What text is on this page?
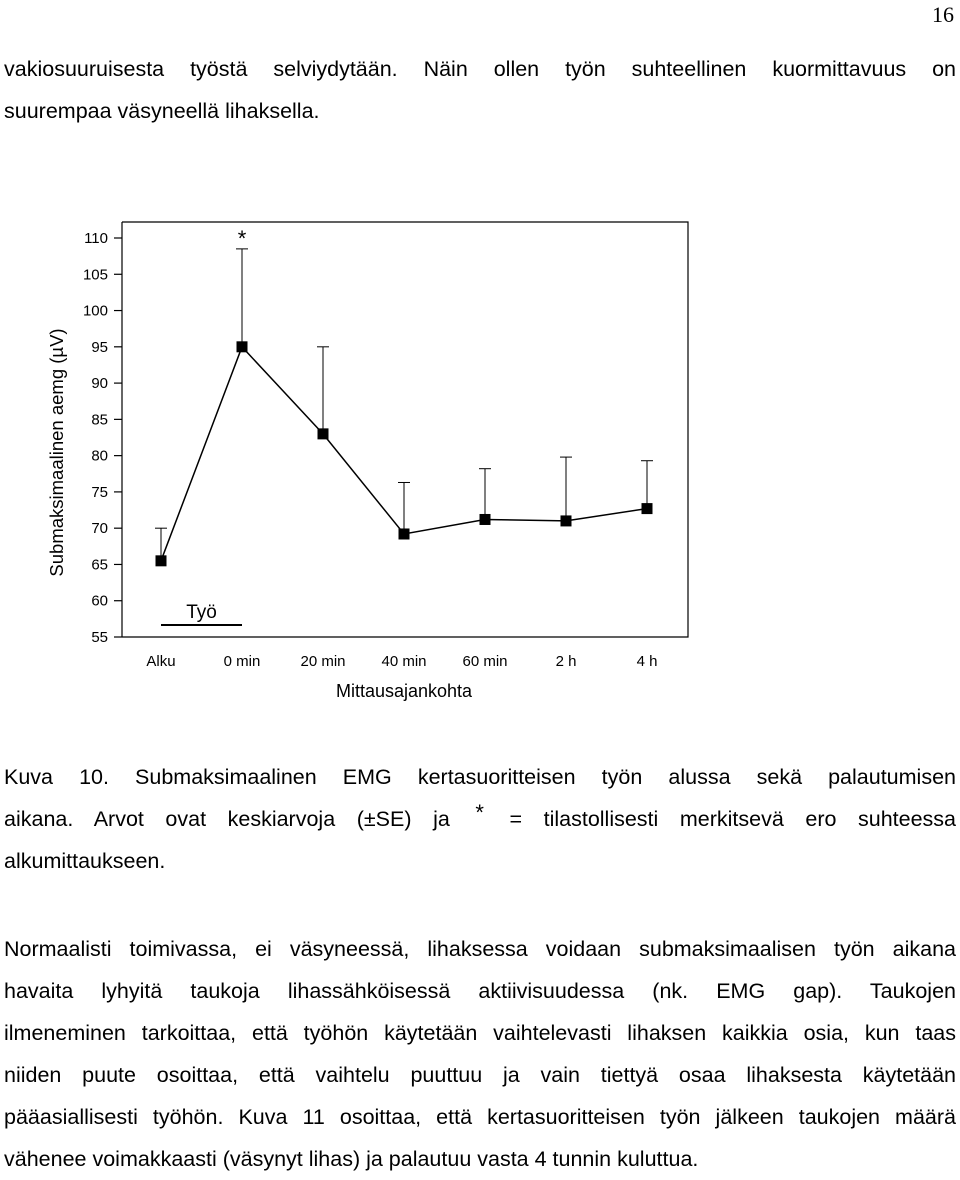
16
vakiosuuruisesta työstä selviydytään. Näin ollen työn suhteellinen kuormittavuus on
suurempaa väsyneellä lihaksella.
55
60
65
70
75
80
85
90
95
100
105
110
Submaksimaalinen aemg (µV)
Alku	0 min	20 min 40 min 60 min	2 h	4 h
Mittausajankohta
Työ
*
Kuva 10. Submaksimaalinen EMG kertasuoritteisen työn alussa sekä palautumisen
aikana. Arvot ovat keskiarvoja (±SE) ja * = tilastollisesti merkitsevä ero suhteessa
alkumittaukseen.
Normaalisti toimivassa, ei väsyneessä, lihaksessa voidaan submaksimaalisen työn aikana
havaita lyhyitä taukoja lihassähköisessä aktiivisuudessa (nk. EMG gap). Taukojen
ilmeneminen tarkoittaa, että työhön käytetään vaihtelevasti lihaksen kaikkia osia, kun taas
niiden puute osoittaa, että vaihtelu puuttuu ja vain tiettyä osaa lihaksesta käytetään
pääasiallisesti työhön. Kuva 11 osoittaa, että kertasuoritteisen työn jälkeen taukojen määrä
vähenee voimakkaasti (väsynyt lihas) ja palautuu vasta 4 tunnin kuluttua.
